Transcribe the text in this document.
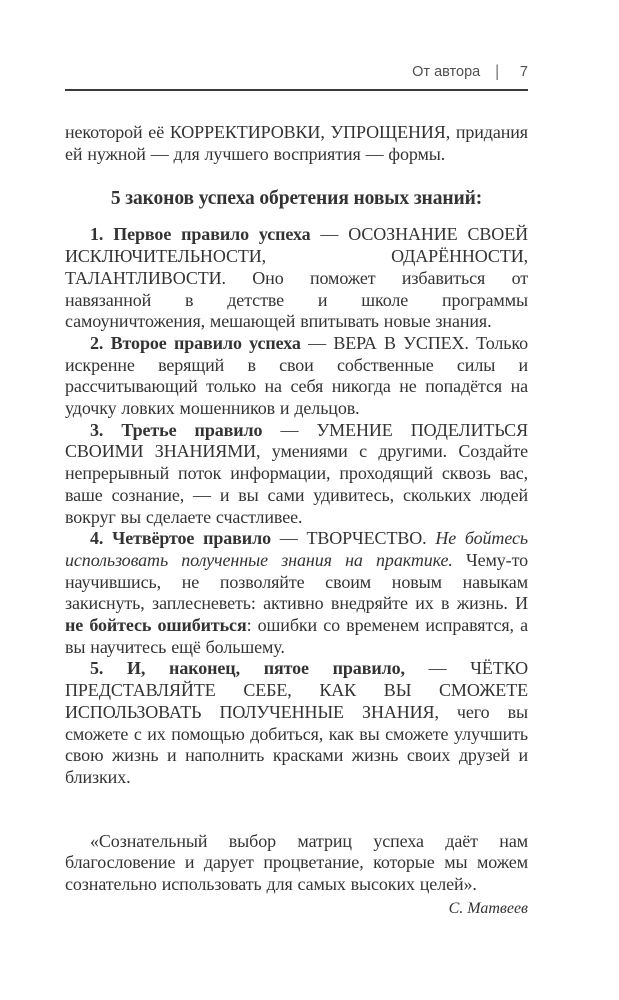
От автора |	7

некоторой её КОРРЕКТИРОВКИ, УПРОЩЕНИЯ, придания ей нужной — для лучшего восприятия — формы.

5 законов успеха обретения новых знаний:

1. Первое правило успеха — ОСОЗНАНИЕ СВОЕЙ ИСКЛЮЧИТЕЛЬНОСТИ, ОДАРЁННОСТИ, ТАЛАНТЛИВОСТИ. Оно поможет избавиться от навязанной в детстве и школе программы самоуничтожения, мешающей впитывать новые знания.

2. Второе правило успеха — ВЕРА В УСПЕХ. Только искренне верящий в свои собственные силы и рассчитывающий только на себя никогда не попадётся на удочку ловких мошенников и дельцов.

3. Третье правило — УМЕНИЕ ПОДЕЛИТЬСЯ СВОИМИ ЗНАНИЯМИ, умениями с другими. Создайте непрерывный поток информации, проходящий сквозь вас, ваше сознание, — и вы сами удивитесь, скольких людей вокруг вы сделаете счастливее.

4. Четвёртое правило — ТВОРЧЕСТВО. Не бойтесь использовать полученные знания на практике. Чему-то научившись, не позволяйте своим новым навыкам закиснуть, заплесневеть: активно внедряйте их в жизнь. И не бойтесь ошибиться: ошибки со временем исправятся, а вы научитесь ещё большему.

5. И, наконец, пятое правило, — ЧЁТКО ПРЕДСТАВЛЯЙТЕ СЕБЕ, КАК ВЫ СМОЖЕТЕ ИСПОЛЬЗОВАТЬ ПОЛУЧЕННЫЕ ЗНАНИЯ, чего вы сможете с их помощью добиться, как вы сможете улучшить свою жизнь и наполнить красками жизнь своих друзей и близких.

«Сознательный выбор матриц успеха даёт нам благословение и дарует процветание, которые мы можем сознательно использовать для самых высоких целей».

С. Матвеев
